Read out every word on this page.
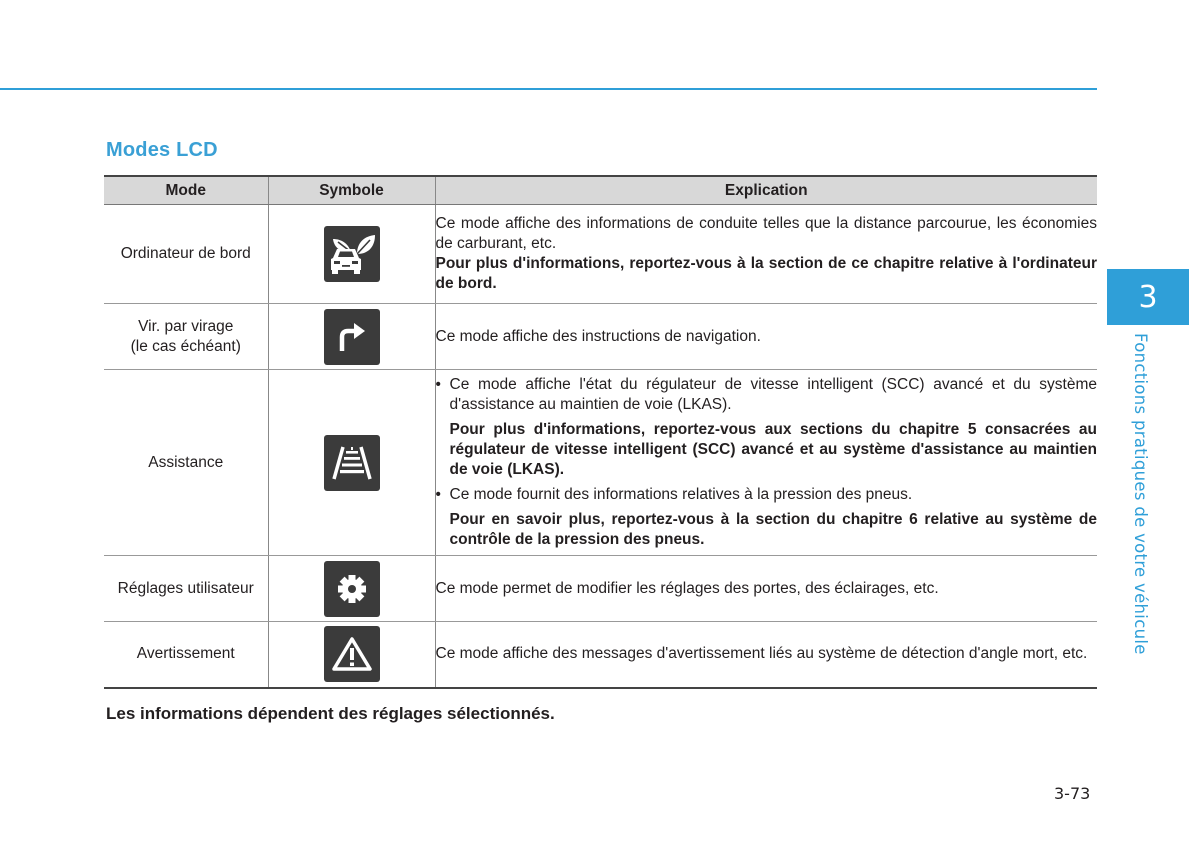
Modes LCD
Mode	Symbole	Explication
Ordinateur de bord		Ce mode affiche des informations de conduite telles que la distance parcourue, les économies de carburant, etc.

Pour plus d'informations, reportez-vous à la section de ce chapitre relative à l'ordinateur de bord.

Vir. par virage
(le cas échéant)		Ce mode affiche des instructions de navigation.

Assistance		• Ce mode affiche l'état du régulateur de vitesse intelligent (SCC) avancé et du système d'assistance au maintien de voie (LKAS).

Pour plus d'informations, reportez-vous aux sections du chapitre 5 consacrées au régulateur de vitesse intelligent (SCC) avancé et au système d'assistance au maintien de voie (LKAS).

• Ce mode fournit des informations relatives à la pression des pneus.

Pour en savoir plus, reportez-vous à la section du chapitre 6 relative au système de contrôle de la pression des pneus.

Réglages utilisateur		Ce mode permet de modifier les réglages des portes, des éclairages, etc.

Avertissement		Ce mode affiche des messages d'avertissement liés au système de détection d'angle mort, etc.

Les informations dépendent des réglages sélectionnés.

3
Fonctions pratiques de votre véhicule
3-73
